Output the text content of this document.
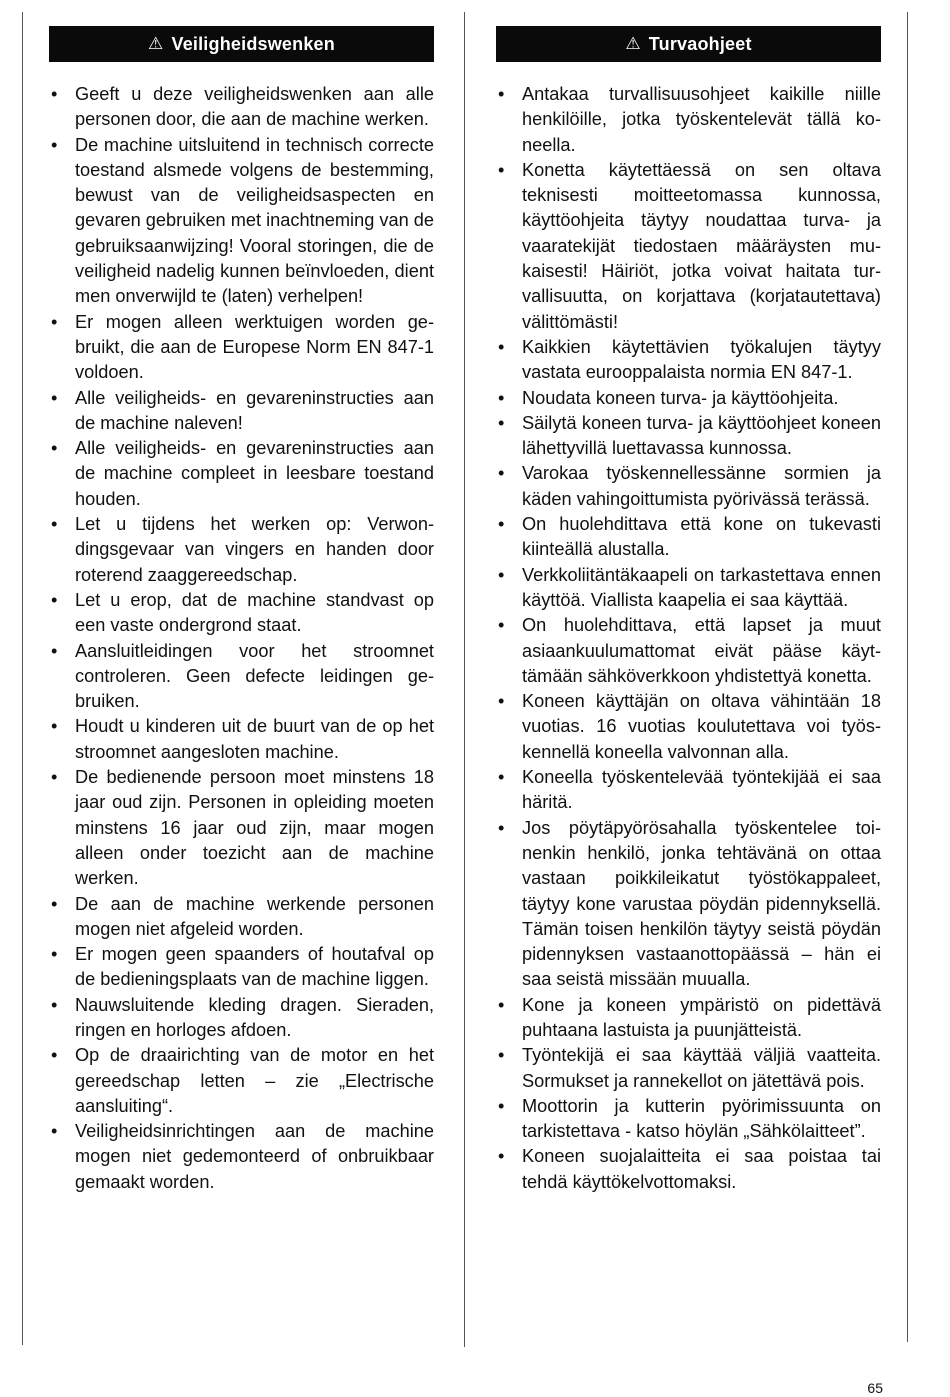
⚠ Veiligheidswenken
• Geeft u deze veiligheidswenken aan alle personen door, die aan de machine werken.
• De machine uitsluitend in technisch correcte toestand alsmede volgens de bestemming, bewust van de veiligheidsaspecten en gevaren gebruiken met inachtneming van de gebruiksaanwijzing! Vooral storingen, die de veiligheid nadelig kunnen beïnvloeden, dient men onverwijld te (laten) verhelpen!
• Er mogen alleen werktuigen worden gebruikt, die aan de Europese Norm EN 847-1 voldoen.
• Alle veiligheids- en gevareninstructies aan de machine naleven!
• Alle veiligheids- en gevareninstructies aan de machine compleet in leesbare toestand houden.
• Let u tijdens het werken op: Verwondingsgevaar van vingers en handen door roterend zaaggereedschap.
• Let u erop, dat de machine standvast op een vaste ondergrond staat.
• Aansluitleidingen voor het stroomnet controleren. Geen defecte leidingen gebruiken.
• Houdt u kinderen uit de buurt van de op het stroomnet aangesloten machine.
• De bedienende persoon moet minstens 18 jaar oud zijn. Personen in opleiding moeten minstens 16 jaar oud zijn, maar mogen alleen onder toezicht aan de machine werken.
• De aan de machine werkende personen mogen niet afgeleid worden.
• Er mogen geen spaanders of houtafval op de bedieningsplaats van de machine liggen.
• Nauwsluitende kleding dragen. Sieraden, ringen en horloges afdoen.
• Op de draairichting van de motor en het gereedschap letten – zie „Electrische aansluiting“.
• Veiligheidsinrichtingen aan de machine mogen niet gedemonteerd of onbruikbaar gemaakt worden.
⚠ Turvaohjeet
• Antakaa turvallisuusohjeet kaikille niille henkilöille, jotka työskentelevät tällä koneella.
• Konetta käytettäessä on sen oltava teknisesti moitteetomassa kunnossa, käyttöohjeita täytyy noudattaa turva- ja vaaratekijät tiedostaen määräysten mukaisesti! Häiriöt, jotka voivat haitata turvallisuutta, on korjattava (korjatautettava) välittömästi!
• Kaikkien käytettävien työkalujen täytyy vastata eurooppalaista normia EN 847-1.
• Noudata koneen turva- ja käyttöohjeita.
• Säilytä koneen turva- ja käyttöohjeet koneen lähettyvillä luettavassa kunnossa.
• Varokaa työskennellessänne sormien ja käden vahingoittumista pyörivässä terässä.
• On huolehdittava että kone on tukevasti kiinteällä alustalla.
• Verkkoliitäntäkaapeli on tarkastettava ennen käyttöä. Viallista kaapelia ei saa käyttää.
• On huolehdittava, että lapset ja muut asiaankuulumattomat eivät pääse käyttämään sähköverkkoon yhdistettyä konetta.
• Koneen käyttäjän on oltava vähintään 18 vuotias. 16 vuotias koulutettava voi työskennellä koneella valvonnan alla.
• Koneella työskentelevää työntekijää ei saa häritä.
• Jos pöytäpyörösahalla työskentelee toinenkin henkilö, jonka tehtävänä on ottaa vastaan poikkileikatut työstökappaleet, täytyy kone varustaa pöydän pidennyksellä. Tämän toisen henkilön täytyy seistä pöydän pidennyksen vastaanottopäässä – hän ei saa seistä missään muualla.
• Kone ja koneen ympäristö on pidettävä puhtaana lastuista ja puunjätteistä.
• Työntekijä ei saa käyttää väljiä vaatteita. Sormukset ja rannekellot on jätettävä pois.
• Moottorin ja kutterin pyörimissuunta on tarkistettava - katso höylän „Sähkölaitteet”.
• Koneen suojalaitteita ei saa poistaa tai tehdä käyttökelvottomaksi.
65
